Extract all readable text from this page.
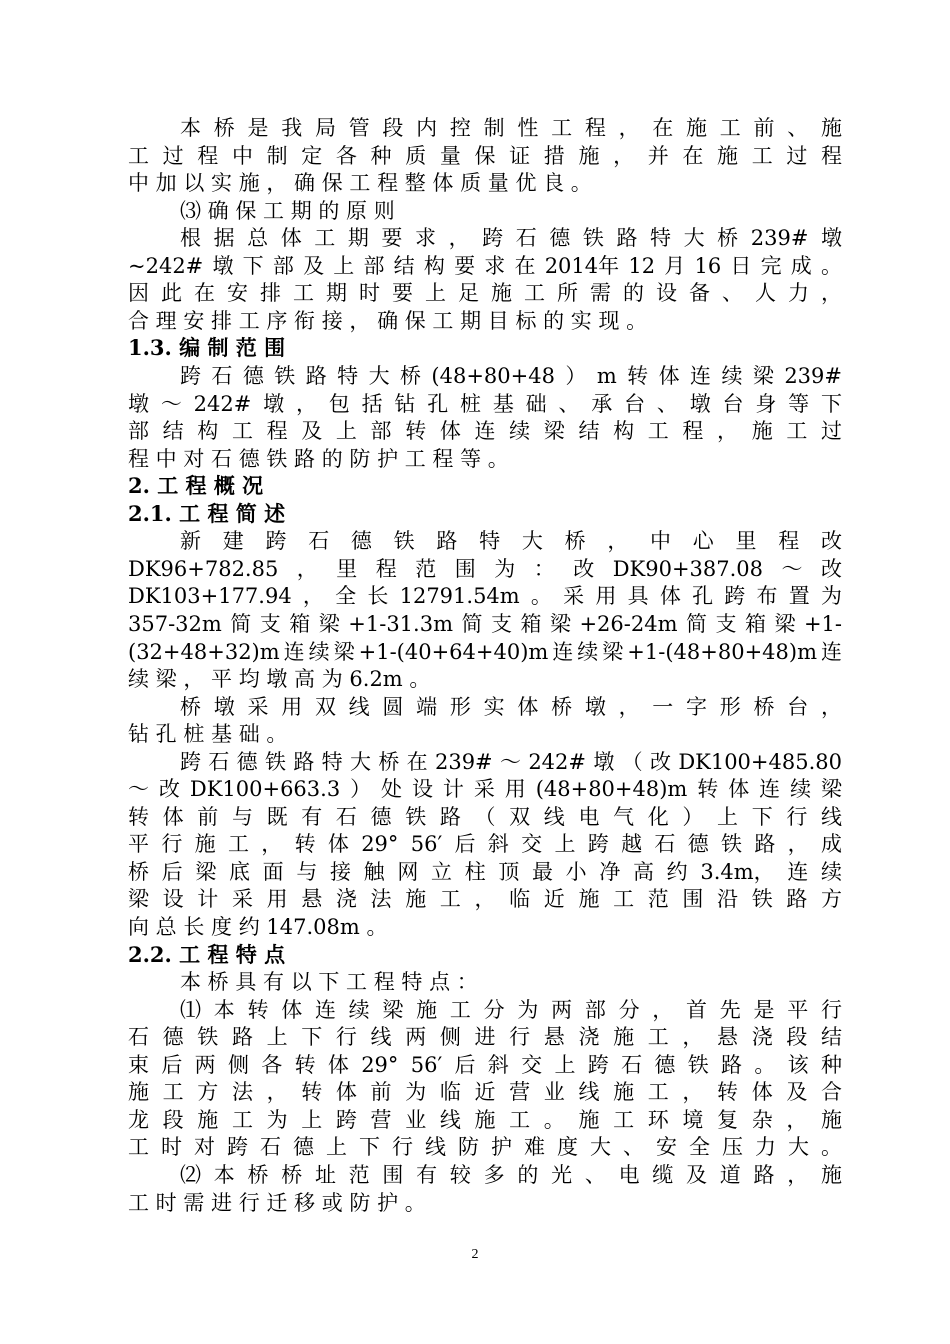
本 桥 是 我 局 管 段 内 控 制 性 工 程 ， 在 施 工 前 、 施
工 过 程 中 制 定 各 种 质 量 保 证 措 施 ， 并 在 施 工 过 程
中 加 以 实 施 ， 确 保 工 程 整 体 质 量 优 良 。
⑶ 确 保 工 期 的 原 则
根 据 总 体 工 期 要 求 ， 跨 石 德 铁 路 特 大 桥 239# 墩
~242# 墩 下 部 及 上 部 结 构 要 求 在 2014年 12 月 16 日 完 成 。
因 此 在 安 排 工 期 时 要 上 足 施 工 所 需 的 设 备 、 人 力 ，
合 理 安 排 工 序 衔 接 ， 确 保 工 期 目 标 的 实 现 。
1.3. 编 制 范 围
跨 石 德 铁 路 特 大 桥 (48+80+48 ） m 转 体 连 续 梁 239#
墩 ～ 242# 墩 ， 包 括 钻 孔 桩 基 础 、 承 台 、 墩 台 身 等 下
部 结 构 工 程 及 上 部 转 体 连 续 梁 结 构 工 程 ， 施 工 过
程 中 对 石 德 铁 路 的 防 护 工 程 等 。
2. 工 程 概 况
2.1. 工 程 简 述
新 建 跨 石 德 铁 路 特 大 桥 ， 中 心 里 程 改
DK96+782.85 ， 里 程 范 围 为 ： 改 DK90+387.08 ～ 改
DK103+177.94 ， 全 长 12791.54m 。 采 用 具 体 孔 跨 布 置 为
357-32m 简 支 箱 梁 +1-31.3m 简 支 箱 梁 +26-24m 简 支 箱 梁 +1-
(32+48+32)m 连 续 梁 +1-(40+64+40)m 连 续 梁 +1-(48+80+48)m 连
续 梁 ， 平 均 墩 高 为 6.2m 。
桥 墩 采 用 双 线 圆 端 形 实 体 桥 墩 ， 一 字 形 桥 台 ，
钻 孔 桩 基 础 。
跨 石 德 铁 路 特 大 桥 在 239# ～ 242# 墩 （ 改 DK100+485.80
～ 改 DK100+663.3 ） 处 设 计 采 用 (48+80+48)m 转 体 连 续 梁
转 体 前 与 既 有 石 德 铁 路 （ 双 线 电 气 化 ） 上 下 行 线
平 行 施 工 ， 转 体 29° 56′ 后 斜 交 上 跨 越 石 德 铁 路 ， 成
桥 后 梁 底 面 与 接 触 网 立 柱 顶 最 小 净 高 约 3.4m， 连 续
梁 设 计 采 用 悬 浇 法 施 工 ， 临 近 施 工 范 围 沿 铁 路 方
向 总 长 度 约 147.08m 。
2.2. 工 程 特 点
本 桥 具 有 以 下 工 程 特 点 ：
⑴ 本 转 体 连 续 梁 施 工 分 为 两 部 分 ， 首 先 是 平 行
石 德 铁 路 上 下 行 线 两 侧 进 行 悬 浇 施 工 ， 悬 浇 段 结
束 后 两 侧 各 转 体 29° 56′ 后 斜 交 上 跨 石 德 铁 路 。 该 种
施 工 方 法 ， 转 体 前 为 临 近 营 业 线 施 工 ， 转 体 及 合
龙 段 施 工 为 上 跨 营 业 线 施 工 。 施 工 环 境 复 杂 ， 施
工 时 对 跨 石 德 上 下 行 线 防 护 难 度 大 、 安 全 压 力 大 。
⑵ 本 桥 桥 址 范 围 有 较 多 的 光 、 电 缆 及 道 路 ， 施
工 时 需 进 行 迁 移 或 防 护 。
2
